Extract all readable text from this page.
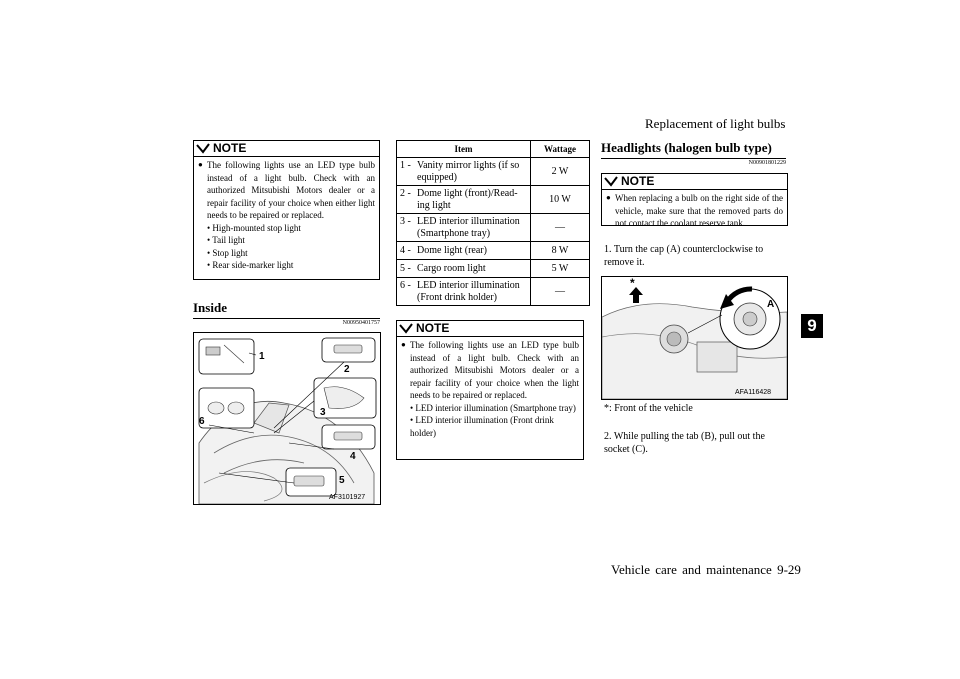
Replacement of light bulbs
Vehicle care and maintenance 9-29
9
NOTE
● The following lights use an LED type bulb instead of a light bulb. Check with an authorized Mitsubishi Motors dealer or a repair facility of your choice when either light needs to be repaired or replaced.
• High-mounted stop light
• Tail light
• Stop light
• Rear side-marker light
Inside
N00950401757
1
2
3
4
5
6
AF3101927
Item	Wattage

1 - Vanity mirror lights (if so equipped)	2 W

2 - Dome light (front)/Read-ing light	10 W

3 - LED interior illumination (Smartphone tray)	—

4 - Dome light (rear)	8 W

5 - Cargo room light	5 W

6 - LED interior illumination (Front drink holder)	—
NOTE
● The following lights use an LED type bulb instead of a light bulb. Check with an authorized Mitsubishi Motors dealer or a repair facility of your choice when the light needs to be repaired or replaced.
• LED interior illumination (Smartphone tray)
• LED interior illumination (Front drink holder)
Headlights (halogen bulb type)
N00901801229
NOTE
● When replacing a bulb on the right side of the vehicle, make sure that the removed parts do not contact the coolant reserve tank.
1. Turn the cap (A) counterclockwise to remove it.
*
A
AFA116428
*: Front of the vehicle
2. While pulling the tab (B), pull out the socket (C).
